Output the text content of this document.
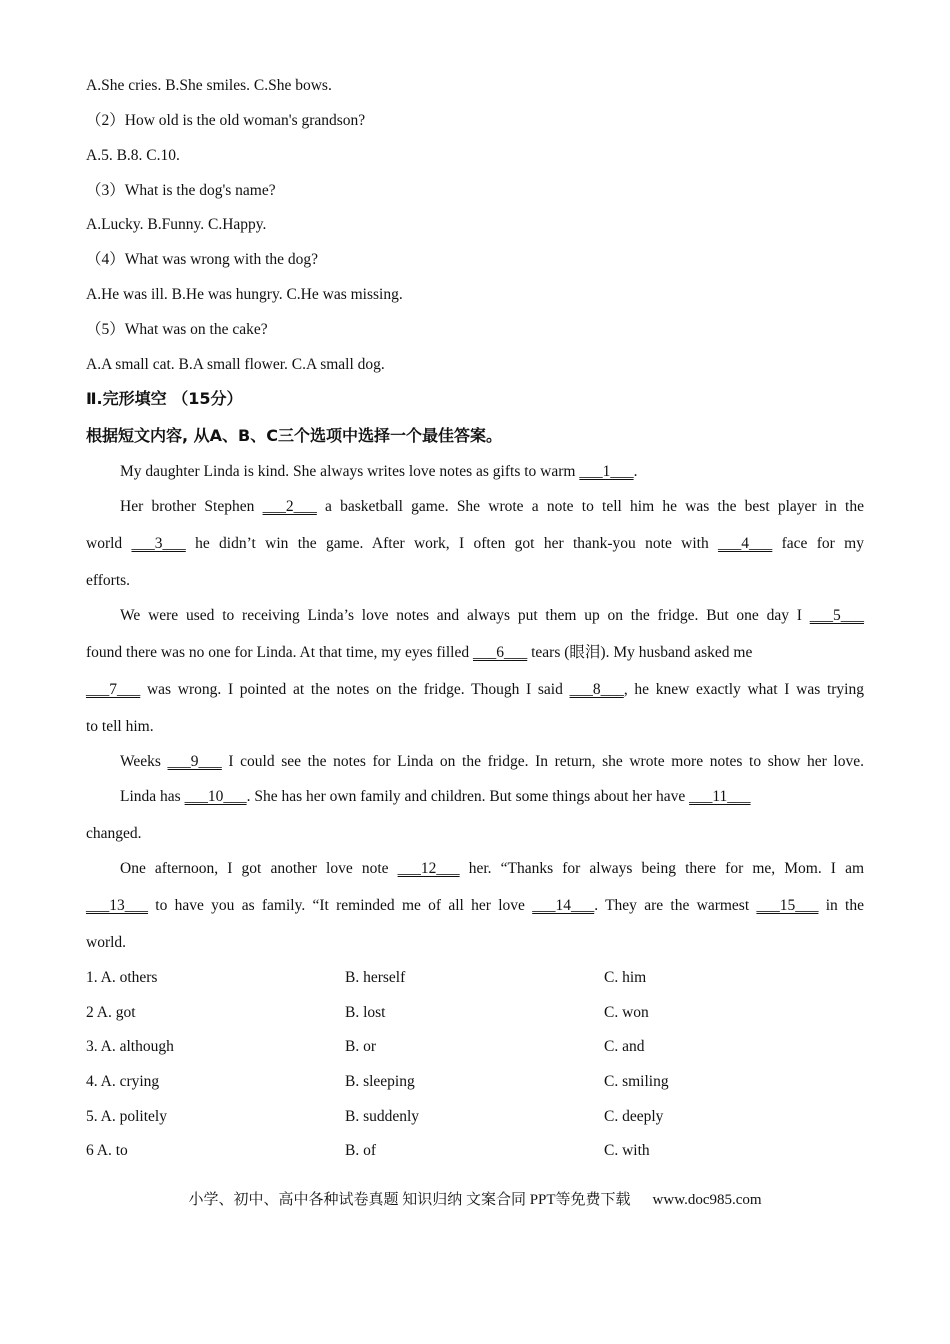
A.She cries. B.She smiles. C.She bows.
（2）How old is the old woman's grandson?
A.5. B.8. C.10.
（3）What is the dog's name?
A.Lucky. B.Funny. C.Happy.
（4）What was wrong with the dog?
A.He was ill. B.He was hungry. C.He was missing.
（5）What was on the cake?
A.A small cat. B.A small flower. C.A small dog.
Ⅱ.完形填空 （15分）
根据短文内容, 从A、B、C三个选项中选择一个最佳答案。
My daughter Linda is kind. She always writes love notes as gifts to warm ___1___.
Her brother Stephen ___2___ a basketball game. She wrote a note to tell him he was the best player in the
world ___3___ he didn’t win the game. After work, I often got her thank-you note with ___4___ face for my
efforts.
We were used to receiving Linda’s love notes and always put them up on the fridge. But one day I ___5___
found there was no one for Linda. At that time, my eyes filled ___6___ tears (眼泪). My husband asked me
___7___ was wrong. I pointed at the notes on the fridge. Though I said ___8___, he knew exactly what I was trying
to tell him.
Weeks ___9___ I could see the notes for Linda on the fridge. In return, she wrote more notes to show her love.
Linda has ___10___. She has her own family and children. But some things about her have ___11___
changed.
One afternoon, I got another love note ___12___ her. “Thanks for always being there for me, Mom. I am
___13___ to have you as family. “It reminded me of all her love ___14___. They are the warmest ___15___ in the
world.
1. A. others	B. herself	C. him
2 A. got	B. lost	C. won
3. A. although	B. or	C. and
4. A. crying	B. sleeping	C. smiling
5. A. politely	B. suddenly	C. deeply
6 A. to	B. of	C. with
小学、初中、高中各种试卷真题 知识归纳 文案合同 PPT等免费下载 www.doc985.com
